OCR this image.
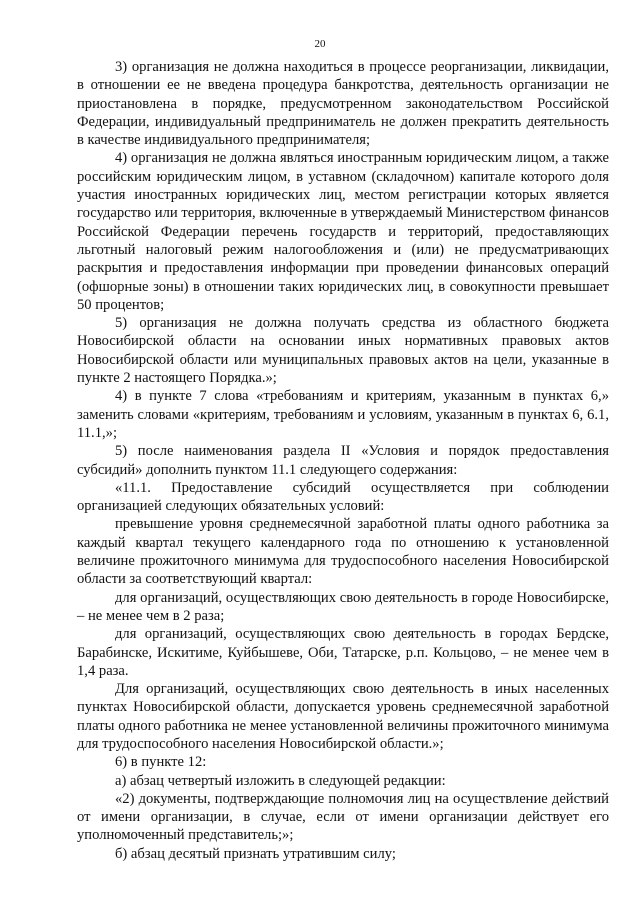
20

3) организация не должна находиться в процессе реорганизации, ликвидации, в отношении ее не введена процедура банкротства, деятельность организации не приостановлена в порядке, предусмотренном законодательством Российской Федерации, индивидуальный предприниматель не должен прекратить деятельность в качестве индивидуального предпринимателя;

4) организация не должна являться иностранным юридическим лицом, а также российским юридическим лицом, в уставном (складочном) капитале которого доля участия иностранных юридических лиц, местом регистрации которых является государство или территория, включенные в утверждаемый Министерством финансов Российской Федерации перечень государств и территорий, предоставляющих льготный налоговый режим налогообложения и (или) не предусматривающих раскрытия и предоставления информации при проведении финансовых операций (офшорные зоны) в отношении таких юридических лиц, в совокупности превышает 50 процентов;

5) организация не должна получать средства из областного бюджета Новосибирской области на основании иных нормативных правовых актов Новосибирской области или муниципальных правовых актов на цели, указанные в пункте 2 настоящего Порядка.»;

4) в пункте 7 слова «требованиям и критериям, указанным в пунктах 6,» заменить словами «критериям, требованиям и условиям, указанным в пунктах 6, 6.1, 11.1,»;

5) после наименования раздела II «Условия и порядок предоставления субсидий» дополнить пунктом 11.1 следующего содержания:

«11.1. Предоставление субсидий осуществляется при соблюдении организацией следующих обязательных условий:

превышение уровня среднемесячной заработной платы одного работника за каждый квартал текущего календарного года по отношению к установленной величине прожиточного минимума для трудоспособного населения Новосибирской области за соответствующий квартал:

для организаций, осуществляющих свою деятельность в городе Новосибирске, – не менее чем в 2 раза;

для организаций, осуществляющих свою деятельность в городах Бердске, Барабинске, Искитиме, Куйбышеве, Оби, Татарске, р.п. Кольцово, – не менее чем в 1,4 раза.

Для организаций, осуществляющих свою деятельность в иных населенных пунктах Новосибирской области, допускается уровень среднемесячной заработной платы одного работника не менее установленной величины прожиточного минимума для трудоспособного населения Новосибирской области.»;

6) в пункте 12:

а) абзац четвертый изложить в следующей редакции:

«2) документы, подтверждающие полномочия лиц на осуществление действий от имени организации, в случае, если от имени организации действует его уполномоченный представитель;»;

б) абзац десятый признать утратившим силу;
